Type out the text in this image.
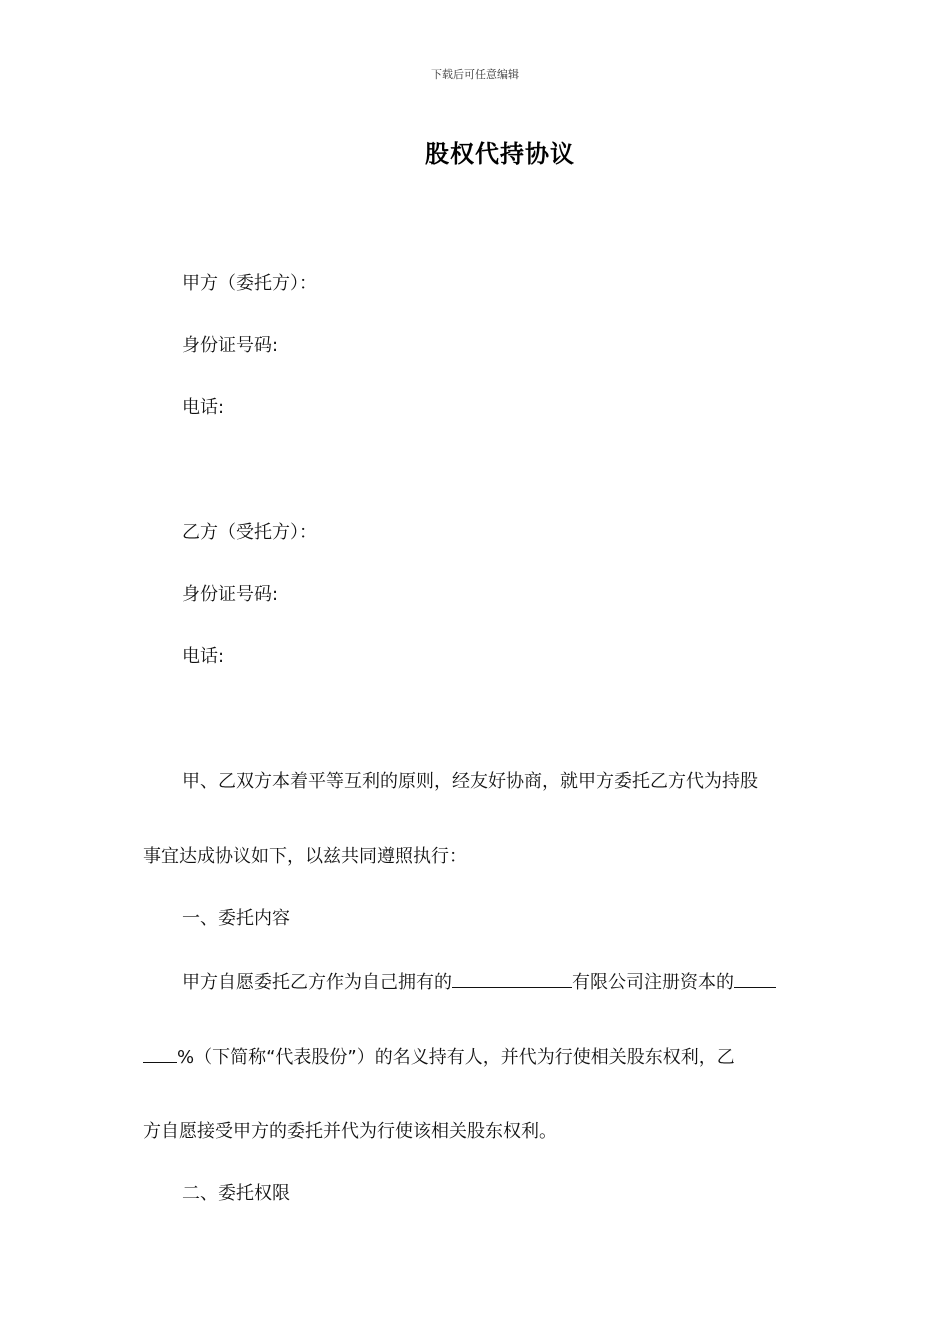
下载后可任意编辑
股权代持协议
甲方（委托方）：
身份证号码:
电话:
乙方（受托方）：
身份证号码:
电话:
甲、乙双方本着平等互利的原则，经友好协商，就甲方委托乙方代为持股
事宜达成协议如下，以兹共同遵照执行：
一、委托内容
甲方自愿委托乙方作为自己拥有的	有限公司注册资本的
%（下简称“代表股份”）的名义持有人，并代为行使相关股东权利，乙
方自愿接受甲方的委托并代为行使该相关股东权利。
二、委托权限
